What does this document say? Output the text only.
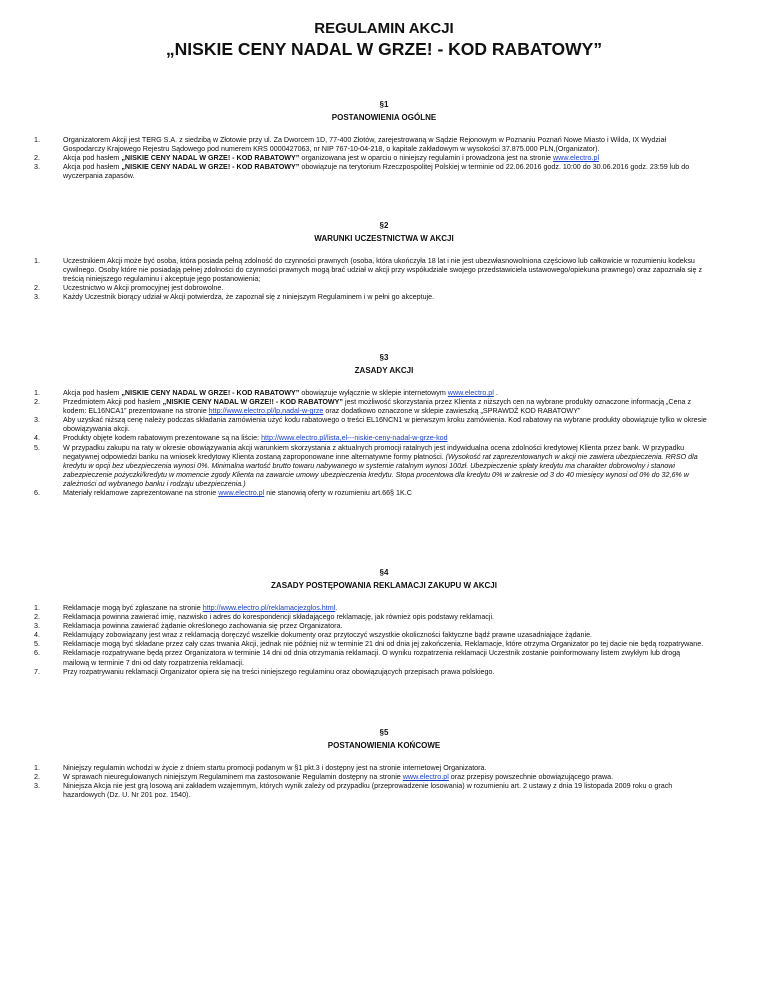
REGULAMIN AKCJI
„NISKIE CENY NADAL W GRZE! - KOD RABATOWY”
§1
POSTANOWIENIA OGÓLNE
1.	Organizatorem Akcji jest TERG S.A. z siedzibą w Złotowie przy ul. Za Dworcem 1D, 77-400 Złotów, zarejestrowaną w Sądzie Rejonowym w Poznaniu Poznań Nowe Miasto i Wilda, IX Wydział Gospodarczy Krajowego Rejestru Sądowego pod numerem KRS 0000427063, nr NIP 767-10-04-218, o kapitale zakładowym w wysokości 37.875.000 PLN,(Organizator).
2.	Akcja pod hasłem „NISKIE CENY NADAL W GRZE! - KOD RABATOWY” organizowana jest w oparciu o niniejszy regulamin i prowadzona jest na stronie www.electro.pl
3.	Akcja pod hasłem „NISKIE CENY NADAL W GRZE! - KOD RABATOWY” obowiązuje na terytorium Rzeczpospolitej Polskiej w terminie od 22.06.2016 godz. 10:00 do 30.06.2016 godz. 23:59 lub do wyczerpania zapasów.
§2
WARUNKI UCZESTNICTWA W AKCJI
1.	Uczestnikiem Akcji może być osoba, która posiada pełną zdolność do czynności prawnych (osoba, która ukończyła 18 lat i nie jest ubezwłasnowolniona częściowo lub całkowicie w rozumieniu kodeksu cywilnego. Osoby które nie posiadają pełnej zdolności do czynności prawnych mogą brać udział w akcji przy współudziale swojego przedstawiciela ustawowego/opiekuna prawnego) oraz zapoznała się z treścią niniejszego regulaminu i akceptuje jego postanowienia;
2.	Uczestnictwo w Akcji promocyjnej jest dobrowolne.
3.	Każdy Uczestnik biorący udział w Akcji potwierdza, że zapoznał się z niniejszym Regulaminem i w pełni go akceptuje.
§3
ZASADY AKCJI
1.	Akcja pod hasłem „NISKIE CENY NADAL W GRZE! - KOD RABATOWY” obowiązuje wyłącznie w sklepie internetowym www.electro.pl .
2.	Przedmiotem Akcji pod hasłem „NISKIE CENY NADAL W GRZE!! - KOD RABATOWY” jest możliwość skorzystania przez Klienta z niższych cen na wybrane produkty oznaczone informacją „Cena z kodem: EL16NCA1” prezentowane na stronie http://www.electro.pl/lp,nadal-w-grze oraz dodatkowo oznaczone w sklepie zawieszką „SPRAWDŹ KOD RABATOWY”
3.	Aby uzyskać niższą cenę należy podczas składania zamówienia użyć kodu rabatowego o treści EL16NCN1 w pierwszym kroku zamówienia. Kod rabatowy na wybrane produkty obowiązuje tylko w okresie obowiązywania akcji.
4.	Produkty objęte kodem rabatowym prezentowane są na liście: http://www.electro.pl/lista,el---niskie-ceny-nadal-w-grze-kod
5.	W przypadku zakupu na raty w okresie obowiązywania akcji warunkiem skorzystania z aktualnych promocji ratalnych jest indywidualna ocena zdolności kredytowej Klienta przez bank. W przypadku negatywnej odpowiedzi banku na wniosek kredytowy Klienta zostaną zaproponowane inne alternatywne formy płatności. (Wysokość rat zaprezentowanych w akcji nie zawiera ubezpieczenia. RRSO dla kredytu w opcji bez ubezpieczenia wynosi 0%. Minimalna wartość brutto towaru nabywanego w systemie ratalnym wynosi 100zł. Ubezpieczenie spłaty kredytu ma charakter dobrowolny i stanowi zabezpieczenie pożyczki/kredytu w momencie zgody Klienta na zawarcie umowy ubezpieczenia kredytu. Stopa procentowa dla kredytu 0% w zakresie od 3 do 40 miesięcy wynosi od 0% do 32,6% w zależności od wybranego banku i rodzaju ubezpieczenia.)
6.	Materiały reklamowe zaprezentowane na stronie www.electro.pl nie stanowią oferty w rozumieniu art.66§ 1K.C
§4
ZASADY POSTĘPOWANIA REKLAMACJI ZAKUPU W AKCJI
1.	Reklamacje mogą być zgłaszane na stronie http://www.electro.pl/reklamacjezglos.html.
2.	Reklamacja powinna zawierać imię, nazwisko i adres do korespondencji składającego reklamację, jak również opis podstawy reklamacji.
3.	Reklamacja powinna zawierać żądanie określonego zachowania się przez Organizatora.
4.	Reklamujący zobowiązany jest wraz z reklamacją doręczyć wszelkie dokumenty oraz przytoczyć wszystkie okoliczności faktyczne bądź prawne uzasadniające żądanie.
5.	Reklamacje mogą być składane przez cały czas trwania Akcji, jednak nie później niż w terminie 21 dni od dnia jej zakończenia. Reklamacje, które otrzyma Organizator po tej dacie nie będą rozpatrywane.
6.	Reklamacje rozpatrywane będą przez Organizatora w terminie 14 dni od dnia otrzymania reklamacji. O wyniku rozpatrzenia reklamacji Uczestnik zostanie poinformowany listem zwykłym lub drogą mailową w terminie 7 dni od daty rozpatrzenia reklamacji.
7.	Przy rozpatrywaniu reklamacji Organizator opiera się na treści niniejszego regulaminu oraz obowiązujących przepisach prawa polskiego.
§5
POSTANOWIENIA KOŃCOWE
1.	Niniejszy regulamin wchodzi w życie z dniem startu promocji podanym w §1 pkt.3 i dostępny jest na stronie internetowej Organizatora.
2.	W sprawach nieuregulowanych niniejszym Regulaminem ma zastosowanie Regulamin dostępny na stronie www.electro.pl oraz przepisy powszechnie obowiązującego prawa.
3.	Niniejsza Akcja nie jest grą losową ani zakładem wzajemnym, których wynik zależy od przypadku (przeprowadzenie losowania) w rozumieniu art. 2 ustawy z dnia 19 listopada 2009 roku o grach hazardowych (Dz. U. Nr 201 poz. 1540).
